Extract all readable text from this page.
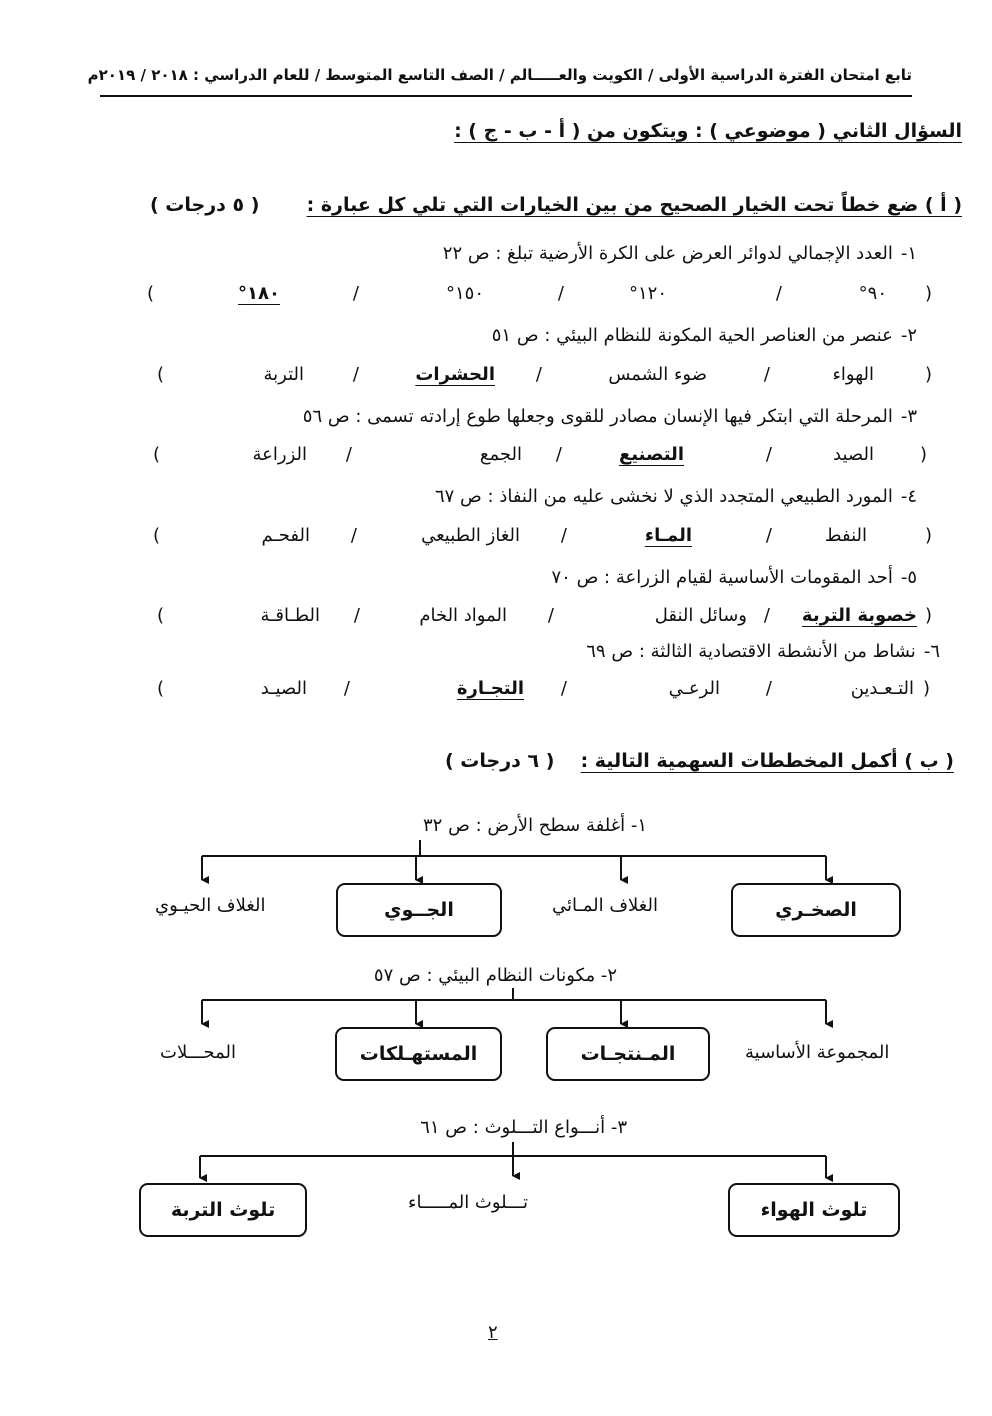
تابع امتحان الفترة الدراسية الأولى / الكويت والعـــــالم / الصف التاسع المتوسط / للعام الدراسي : ٢٠١٨ / ٢٠١٩م
السؤال الثاني ( موضوعي ) : ويتكون من ( أ - ب - ج ) :
( أ ) ضع خطاً تحت الخيار الصحيح من بين الخيارات التي تلي كل عبارة :
( ٥ درجات )
١-العدد الإجمالي لدوائر العرض على الكرة الأرضية تبلغ : ص ٢٢
(
٩٠°
/
١٢٠°
/
١٥٠°
/
١٨٠°
)
٢-عنصر من العناصر الحية المكونة للنظام البيئي : ص ٥١
(
الهواء
/
ضوء الشمس
/
الحشرات
/
التربة
)
٣-المرحلة التي ابتكر فيها الإنسان مصادر للقوى وجعلها طوع إرادته تسمى : ص ٥٦
(
الصيد
/
التصنيع
/
الجمع
/
الزراعة
)
٤-المورد الطبيعي المتجدد الذي لا نخشى عليه من النفاذ : ص ٦٧
(
النفط
/
المـاء
/
الغاز الطبيعي
/
الفحـم
)
٥-أحد المقومات الأساسية لقيام الزراعة : ص ٧٠
(
خصوبة التربة
/
وسائل النقل
/
المواد الخام
/
الطـاقـة
)
٦-نشاط من الأنشطة الاقتصادية الثالثة : ص ٦٩
(
التـعـدين
/
الرعـي
/
التجـارة
/
الصيـد
)
( ب ) أكمل المخططات السهمية التالية :
( ٦ درجات )
١- أغلفة سطح الأرض : ص ٣٢
الصخـري
الغلاف المـائي
الجــوي
الغلاف الحيـوي
٢- مكونات النظام البيئي : ص ٥٧
المجموعة الأساسية
المـنتجـات
المستهـلكات
المحـــلات
٣- أنـــواع التـــلوث : ص ٦١
تلوث الهواء
تـــلوث المـــــاء
تلوث التربة
٢
